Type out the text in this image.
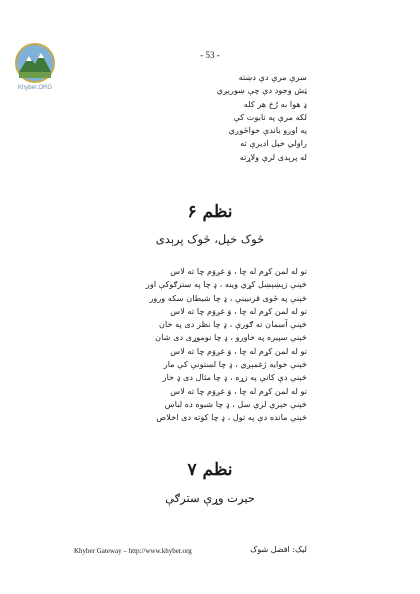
Khyber.ORG
- 53 -
سرې مرې دې دښته
ټش وجود دې چې ښورېږي
ډ هوا به رُخ هر کله
لکه مرې په تابوت کې
په اوږو باندې خواځوږي
راولي خپل ادیرې ته
له پرېدی لرې ولاړته
نظم ۶
څوک خپل، څوک پرېدی
تو له لمن کړم له چا ، وَ غږوَم چا ته لاس
څېنې زېښېښل کړي وینه ، ډ چا په سترګوکې اور
څېنې په ځوی قرنبینې ، ډ چا شیطان سکه ورور
تو له لمن کړم له چا ، وَ غږوَم چا ته لاس
څېنې آسمان ته ګورې ، ډ چا نظر دی په خان
څېنې سپېره په خاورو ، ډ چا نوموړی دی شان
تو له لمن کړم له چا ، وَ غږوَم چا ته لاس
څېنې خوایه ژغمېږي ، ډ چا لستونې کې مار
څېنې دې کانې په زړه ، ډ چا مثال دی ډ خار
تو له لمن کړم له چا ، وَ غږوَم چا ته لاس
څېنې خېرې لرې سل ، ډ چا شبوه ده لباس
څېنې مانده دې په تول ، ډ چا کوته دی اخلاص
نظم ۷
حیرت وړې سترګې
Khyber Gateway – http://www.khyber.org	لیک: افضل شوک
